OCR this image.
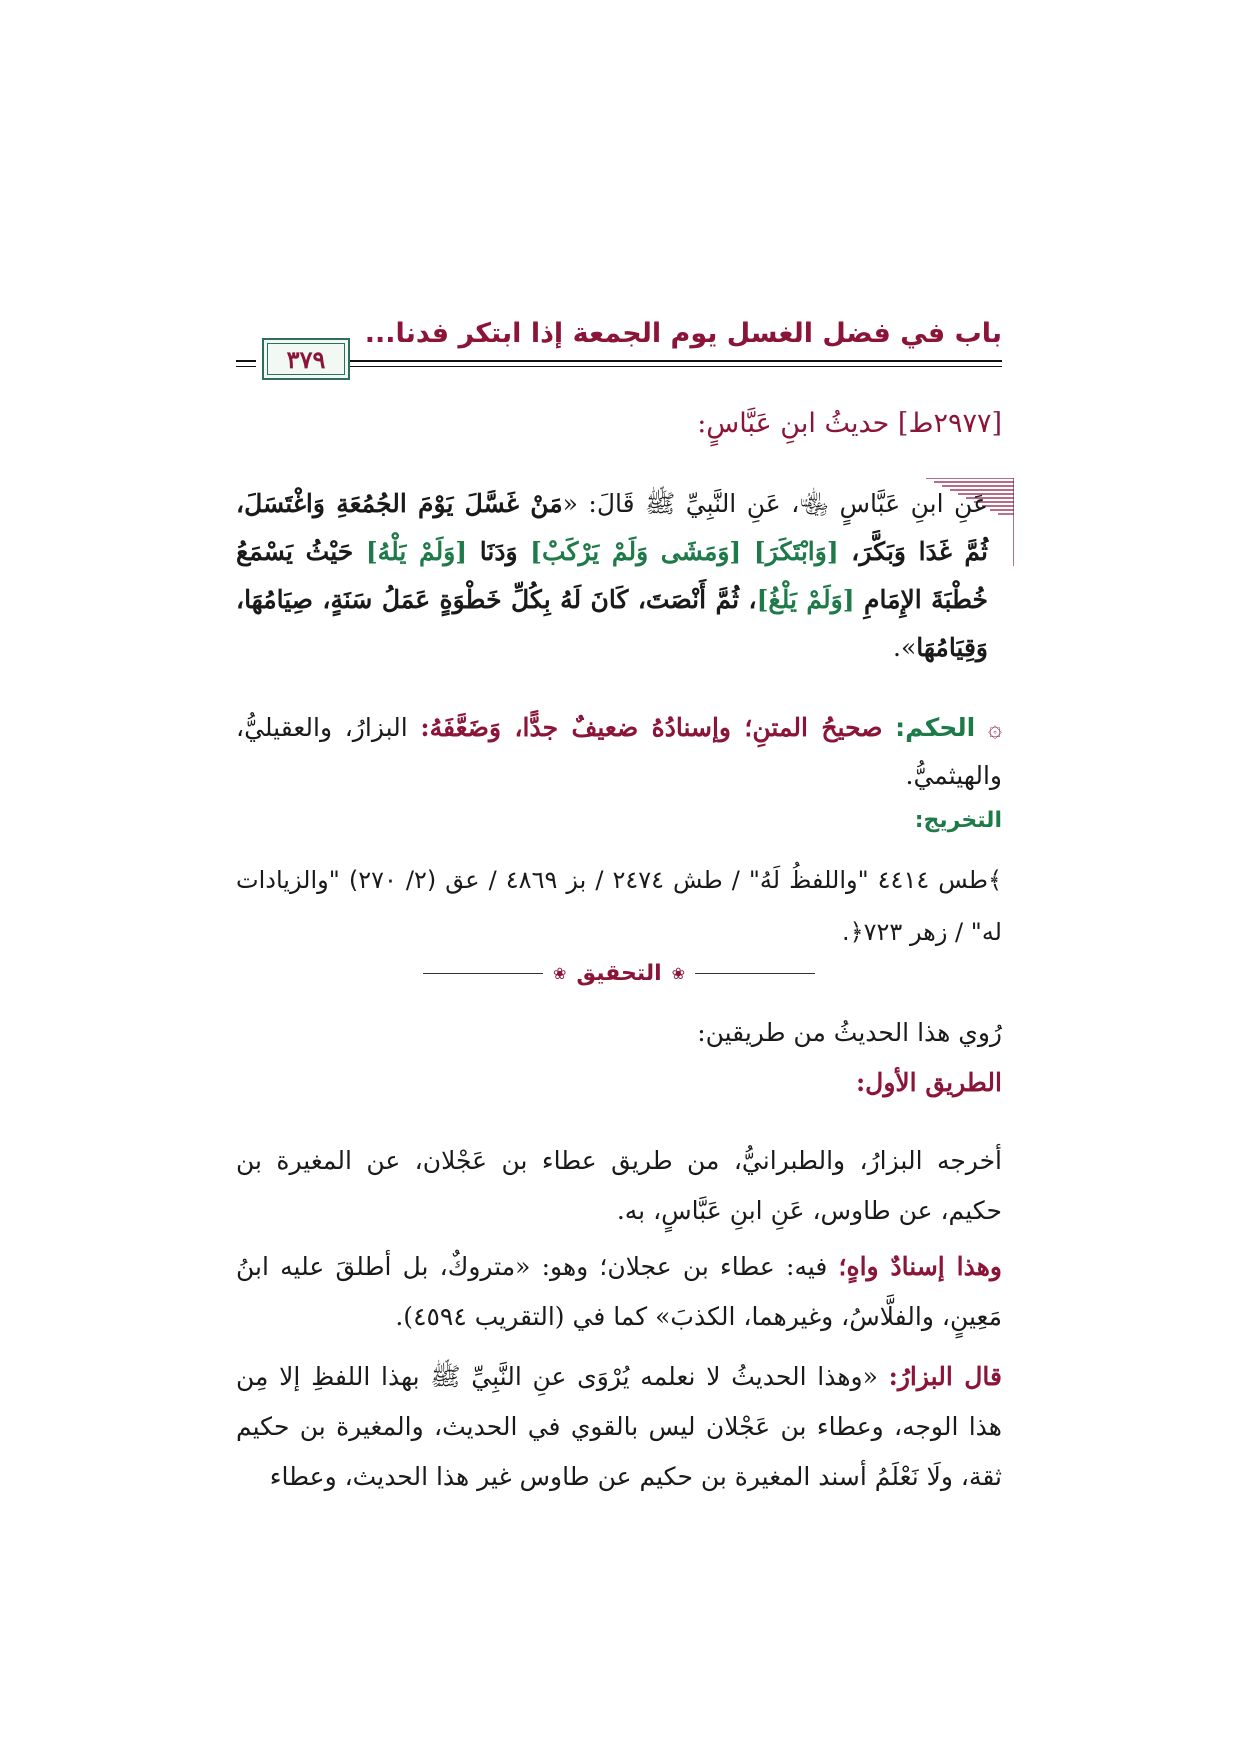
باب في فضل الغسل يوم الجمعة إذا ابتكر فدنا...
٣٧٩
[٢٩٧٧ط] حديثُ ابنِ عَبَّاسٍ:

عَنِ ابنِ عَبَّاسٍ ﵄، عَنِ النَّبِيِّ ﷺ قَالَ: «مَنْ غَسَّلَ يَوْمَ الجُمُعَةِ وَاغْتَسَلَ، ثُمَّ غَدَا وَبَكَّرَ، [وَابْتَكَرَ] [وَمَشَى وَلَمْ يَرْكَبْ] وَدَنَا [وَلَمْ يَلْهُ] حَيْثُ يَسْمَعُ خُطْبَةَ الإِمَامِ [وَلَمْ يَلْغُ]، ثُمَّ أَنْصَتَ، كَانَ لَهُ بِكُلِّ خَطْوَةٍ عَمَلُ سَنَةٍ، صِيَامُهَا، وَقِيَامُهَا».

۞ الحكم: صحيحُ المتنِ؛ وإسنادُهُ ضعيفٌ جدًّا، وَضَعَّفَهُ: البزارُ، والعقيليُّ، والهيثميُّ.

التخريج:

﴾طس ٤٤١٤ "واللفظُ لَهُ" / طش ٢٤٧٤ / بز ٤٨٦٩ / عق (٢/ ٢٧٠) "والزيادات له" / زهر ٧٢٣﴿.

❀
التحقيق
❀

رُوي هذا الحديثُ من طريقين:

الطريق الأول:

أخرجه البزارُ، والطبرانيُّ، من طريق عطاء بن عَجْلان، عن المغيرة بن حكيم، عن طاوس، عَنِ ابنِ عَبَّاسٍ، به.

وهذا إسنادٌ واهٍ؛ فيه: عطاء بن عجلان؛ وهو: «متروكٌ، بل أطلقَ عليه ابنُ مَعِينٍ، والفلَّاسُ، وغيرهما، الكذبَ» كما في (التقريب ٤٥٩٤).

قال البزارُ: «وهذا الحديثُ لا نعلمه يُرْوَى عنِ النَّبِيِّ ﷺ بهذا اللفظِ إلا مِن هذا الوجه، وعطاء بن عَجْلان ليس بالقوي في الحديث، والمغيرة بن حكيم ثقة، ولَا نَعْلَمُ أسند المغيرة بن حكيم عن طاوس غير هذا الحديث، وعطاء
